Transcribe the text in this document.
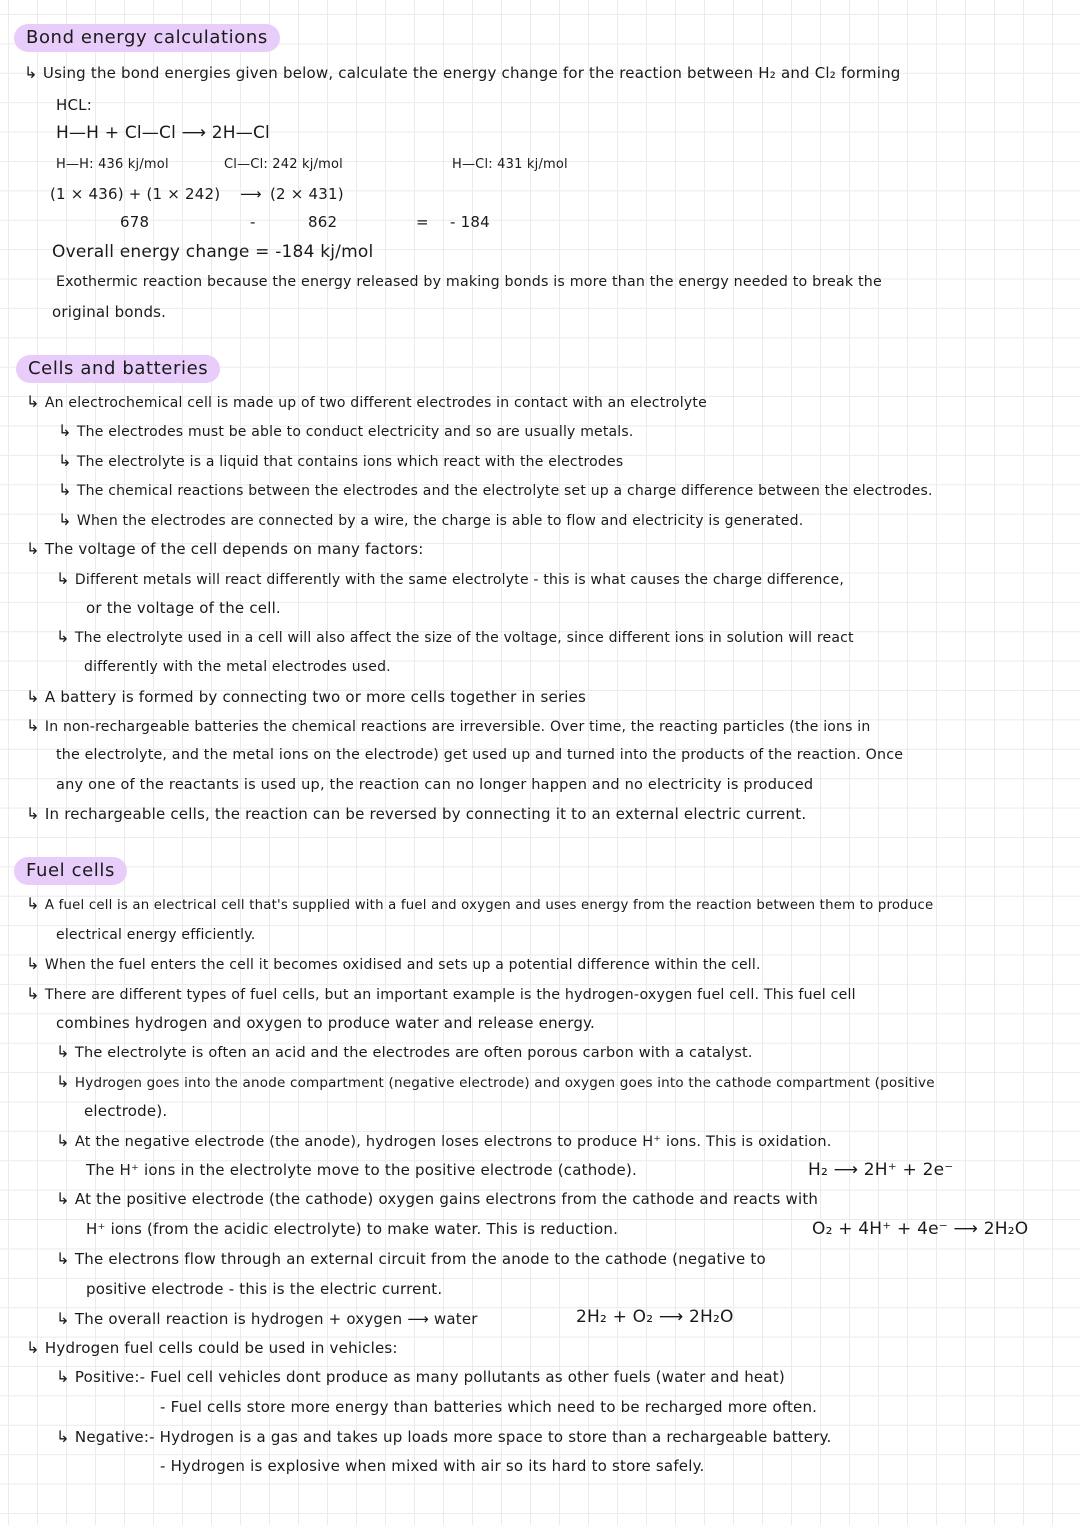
Bond energy calculations
↳ Using the bond energies given below, calculate the energy change for the reaction between H₂ and Cl₂ forming
HCL:
H—H + Cl—Cl ⟶ 2H—Cl
H—H: 436 kj/mol	Cl—Cl: 242 kj/mol	H—Cl: 431 kj/mol
(1 × 436) + (1 × 242) ⟶ (2 × 431)
678	-	862	= - 184
Overall energy change = -184 kj/mol
Exothermic reaction because the energy released by making bonds is more than the energy needed to break the
original bonds.
Cells and batteries
↳ An electrochemical cell is made up of two different electrodes in contact with an electrolyte
↳ The electrodes must be able to conduct electricity and so are usually metals.
↳ The electrolyte is a liquid that contains ions which react with the electrodes
↳ The chemical reactions between the electrodes and the electrolyte set up a charge difference between the electrodes.
↳ When the electrodes are connected by a wire, the charge is able to flow and electricity is generated.
↳ The voltage of the cell depends on many factors:
↳ Different metals will react differently with the same electrolyte - this is what causes the charge difference,
or the voltage of the cell.
↳ The electrolyte used in a cell will also affect the size of the voltage, since different ions in solution will react
differently with the metal electrodes used.
↳ A battery is formed by connecting two or more cells together in series
↳ In non-rechargeable batteries the chemical reactions are irreversible. Over time, the reacting particles (the ions in
the electrolyte, and the metal ions on the electrode) get used up and turned into the products of the reaction. Once
any one of the reactants is used up, the reaction can no longer happen and no electricity is produced
↳ In rechargeable cells, the reaction can be reversed by connecting it to an external electric current.
Fuel cells
↳ A fuel cell is an electrical cell that's supplied with a fuel and oxygen and uses energy from the reaction between them to produce
electrical energy efficiently.
↳ When the fuel enters the cell it becomes oxidised and sets up a potential difference within the cell.
↳ There are different types of fuel cells, but an important example is the hydrogen-oxygen fuel cell. This fuel cell
combines hydrogen and oxygen to produce water and release energy.
↳ The electrolyte is often an acid and the electrodes are often porous carbon with a catalyst.
↳ Hydrogen goes into the anode compartment (negative electrode) and oxygen goes into the cathode compartment (positive
electrode).
↳ At the negative electrode (the anode), hydrogen loses electrons to produce H⁺ ions. This is oxidation.
The H⁺ ions in the electrolyte move to the positive electrode (cathode).	H₂ ⟶ 2H⁺ + 2e⁻
↳ At the positive electrode (the cathode) oxygen gains electrons from the cathode and reacts with
H⁺ ions (from the acidic electrolyte) to make water. This is reduction.	O₂ + 4H⁺ + 4e⁻ ⟶ 2H₂O
↳ The electrons flow through an external circuit from the anode to the cathode (negative to
positive electrode - this is the electric current.
↳ The overall reaction is hydrogen + oxygen ⟶ water	2H₂ + O₂ ⟶ 2H₂O
↳ Hydrogen fuel cells could be used in vehicles:
↳ Positive:- Fuel cell vehicles dont produce as many pollutants as other fuels (water and heat)
- Fuel cells store more energy than batteries which need to be recharged more often.
↳ Negative:- Hydrogen is a gas and takes up loads more space to store than a rechargeable battery.
- Hydrogen is explosive when mixed with air so its hard to store safely.
